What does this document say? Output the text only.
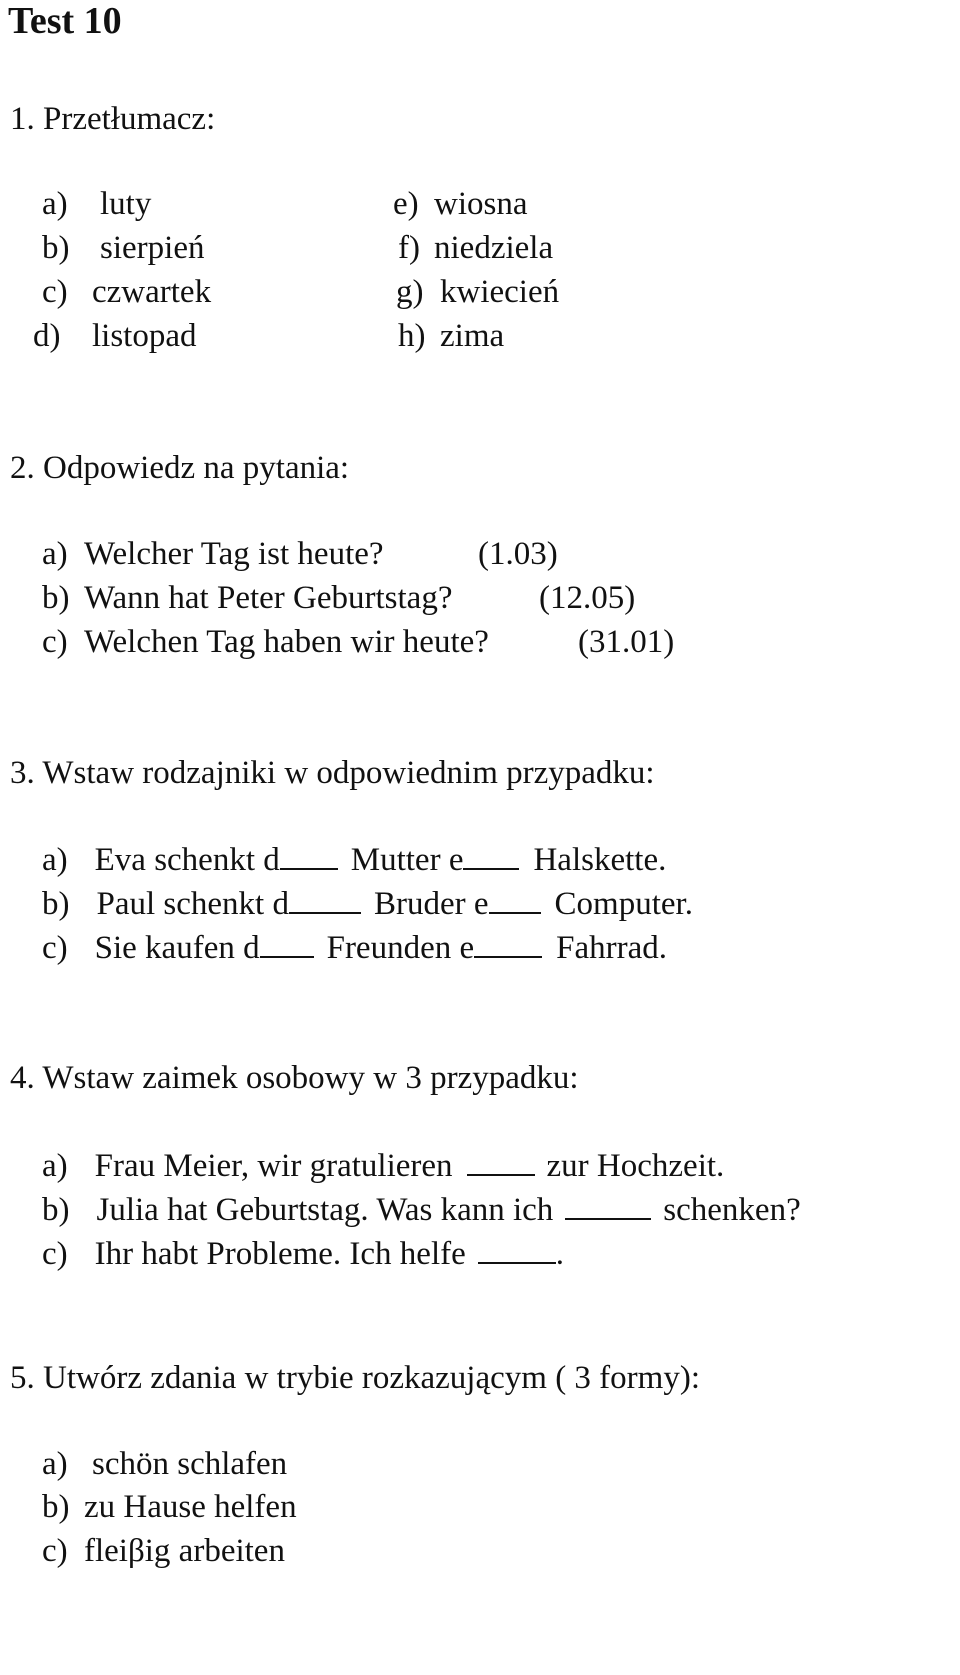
Test 10
1. Przetłumacz:
a) luty
b) sierpień
c) czwartek
d) listopad
e) wiosna
f) niedziela
g) kwiecień
h) zima
2. Odpowiedz na pytania:
a) Welcher Tag ist heute?	(1.03)
b) Wann hat Peter Geburtstag?	(12.05)
c) Welchen Tag haben wir heute?	(31.01)
3. Wstaw rodzajniki w odpowiednim przypadku:
a) Eva schenkt d Mutter e Halskette.
b) Paul schenkt d	Bruder e Computer.
c) Sie kaufen d Freunden e Fahrrad.
4. Wstaw zaimek osobowy w 3 przypadku:
a) Frau Meier, wir gratulieren	zur Hochzeit.
b) Julia hat Geburtstag. Was kann ich	schenken?
c) Ihr habt Probleme. Ich helfe	.
5. Utwórz zdania w trybie rozkazującym ( 3 formy):
a) schön schlafen
b) zu Hause helfen
c) fleiβig arbeiten
